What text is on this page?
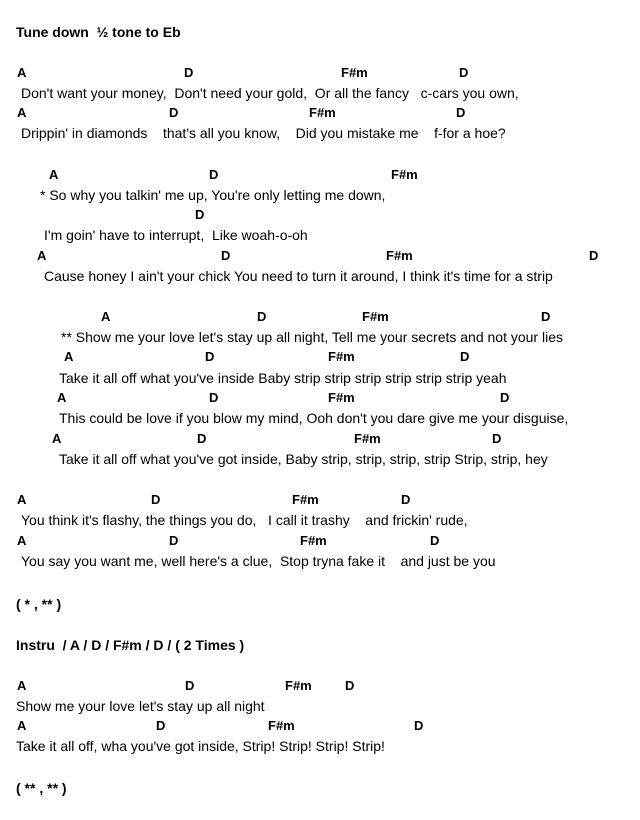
Tune down  ½ tone to Eb
A	D	F#m	D
Don't want your money,  Don't need your gold,  Or all the fancy   c-cars you own,
A	D	F#m	D
Drippin' in diamonds    that's all you know,    Did you mistake me    f-for a hoe?
A	D	F#m
* So why you talkin' me up, You're only letting me down,
D
I'm goin' have to interrupt,  Like woah-o-oh
A	D	F#m	D
Cause honey I ain't your chick You need to turn it around, I think it's time for a strip
A	D	F#m	D
** Show me your love let's stay up all night, Tell me your secrets and not your lies
A	D	F#m	D
Take it all off what you've inside Baby strip strip strip strip strip strip yeah
A	D	F#m	D
This could be love if you blow my mind, Ooh don't you dare give me your disguise,
A	D	F#m	D
Take it all off what you've got inside, Baby strip, strip, strip, strip Strip, strip, hey
A	D	F#m	D
You think it's flashy, the things you do,   I call it trashy    and frickin' rude,
A	D	F#m	D
You say you want me, well here's a clue,  Stop tryna fake it    and just be you
( * , ** )
Instru  / A / D / F#m / D / ( 2 Times )
A	D	F#m	D
Show me your love let's stay up all night
A	D	F#m	D
Take it all off, wha you've got inside, Strip! Strip! Strip! Strip!
( ** , ** )
